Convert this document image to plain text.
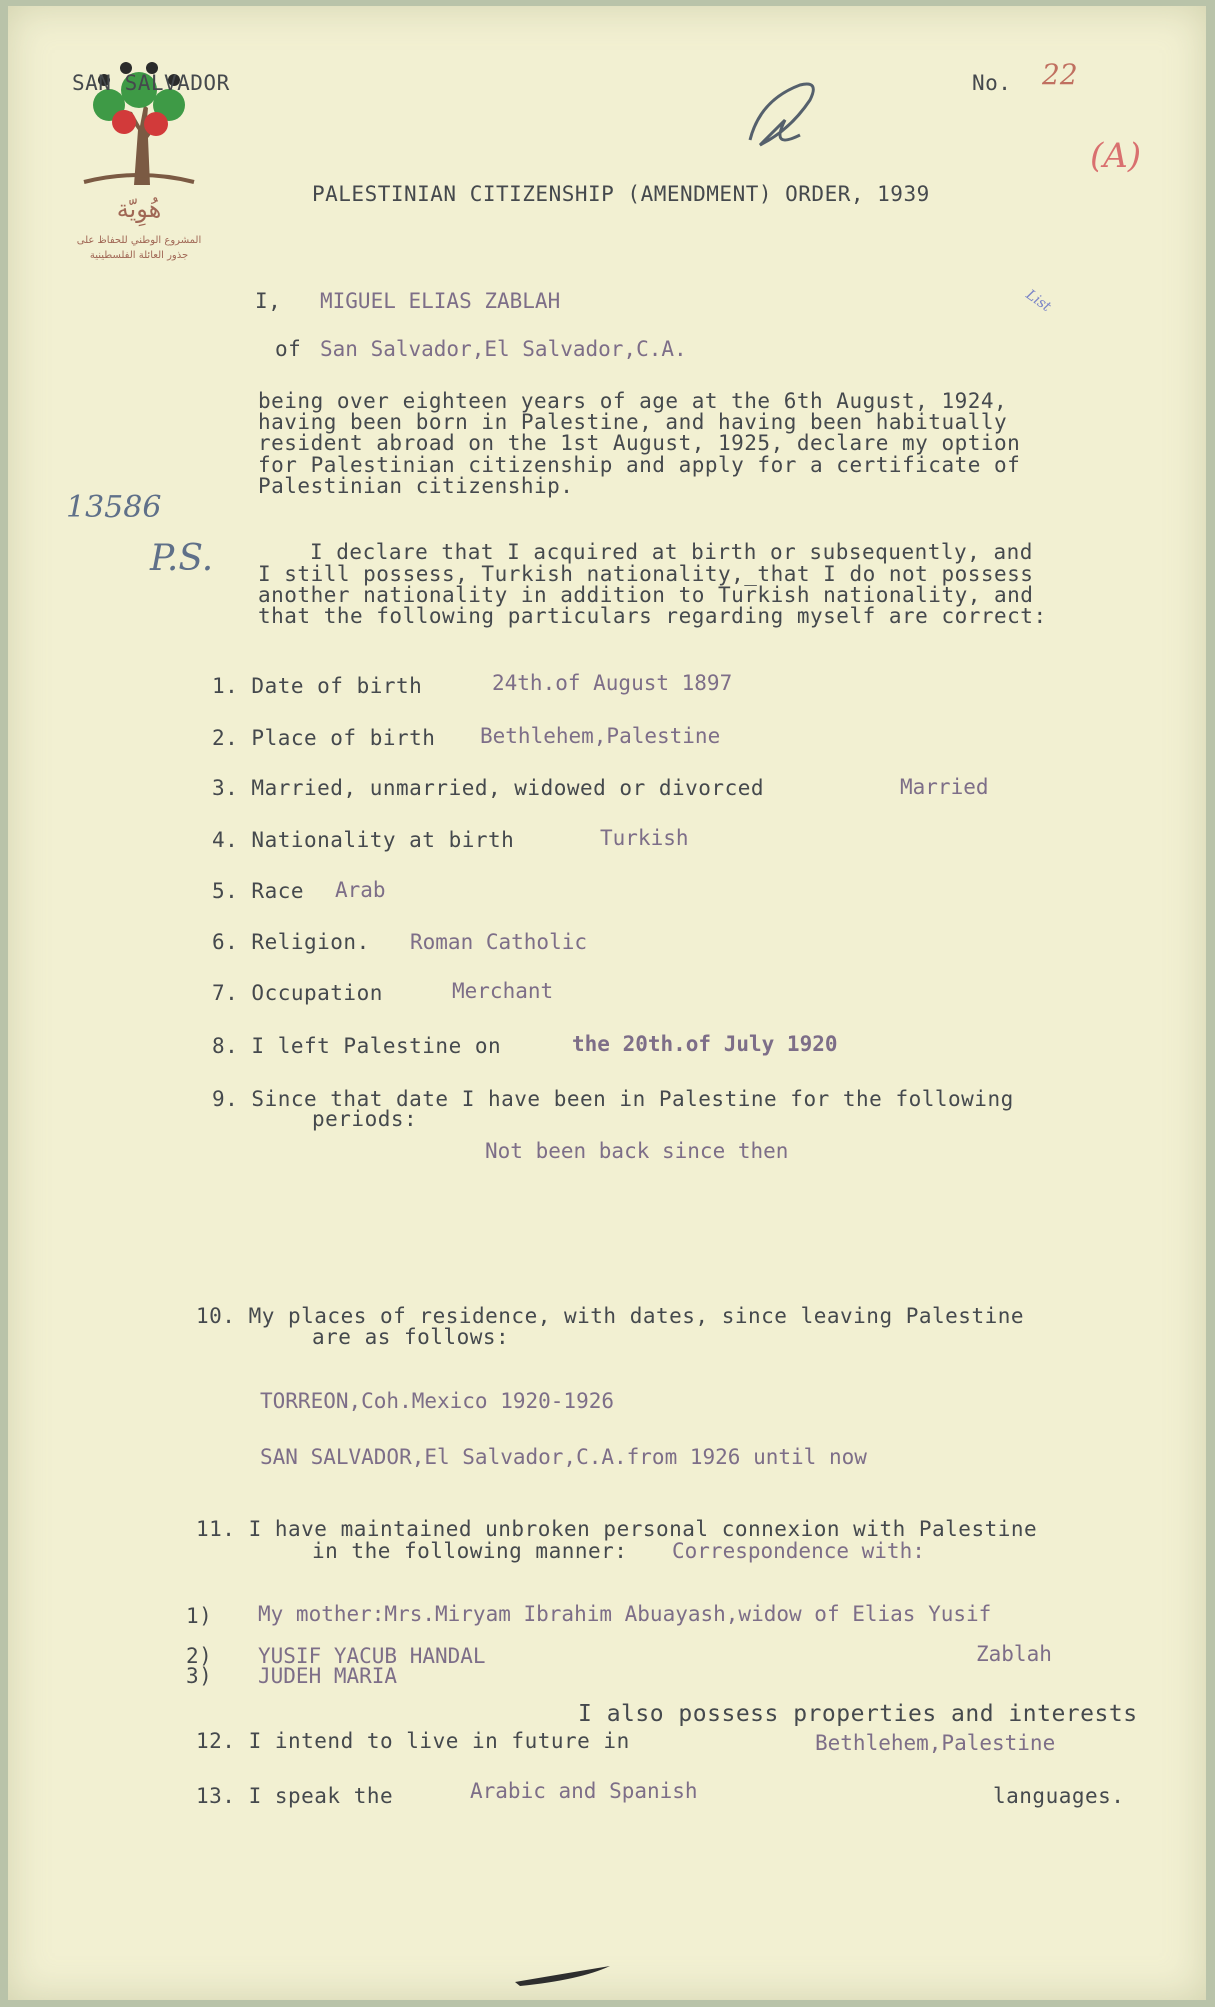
هُوِيّة
المشروع الوطني للحفاظ على
جذور العائلة الفلسطينية
SAN SALVADOR	No. 22
(A)
PALESTINIAN CITIZENSHIP (AMENDMENT) ORDER, 1939
I, MIGUEL ELIAS ZABLAH	List
of San Salvador,El Salvador,C.A.
13586
P.S.
being over eighteen years of age at the 6th August, 1924,
having been born in Palestine, and having been habitually
resident abroad on the 1st August, 1925, declare my option
for Palestinian citizenship and apply for a certificate of
Palestinian citizenship.
I declare that I acquired at birth or subsequently, and
I still possess, Turkish nationality,_that I do not possess
another nationality in addition to Turkish nationality, and
that the following particulars regarding myself are correct:
1. Date of birth	24th.of August 1897
2. Place of birth Bethlehem,Palestine
3. Married, unmarried, widowed or divorced	Married
4. Nationality at birth	Turkish
5. Race Arab
6. Religion. Roman Catholic
7. Occupation	Merchant
8. I left Palestine on	the 20th.of July 1920
9. Since that date I have been in Palestine for the following
periods:
Not been back since then
10. My places of residence, with dates, since leaving Palestine
are as follows:
TORREON,Coh.Mexico 1920-1926
SAN SALVADOR,El Salvador,C.A.from 1926 until now
11. I have maintained unbroken personal connexion with Palestine
in the following manner: Correspondence with:
1) My mother:Mrs.Miryam Ibrahim Abuayash,widow of Elias Yusif
Zablah
2) YUSIF YACUB HANDAL
3) JUDEH MARIA
I also possess properties and interests
12. I intend to live in future in	Bethlehem,Palestine
13. I speak the	Arabic and Spanish	languages.
